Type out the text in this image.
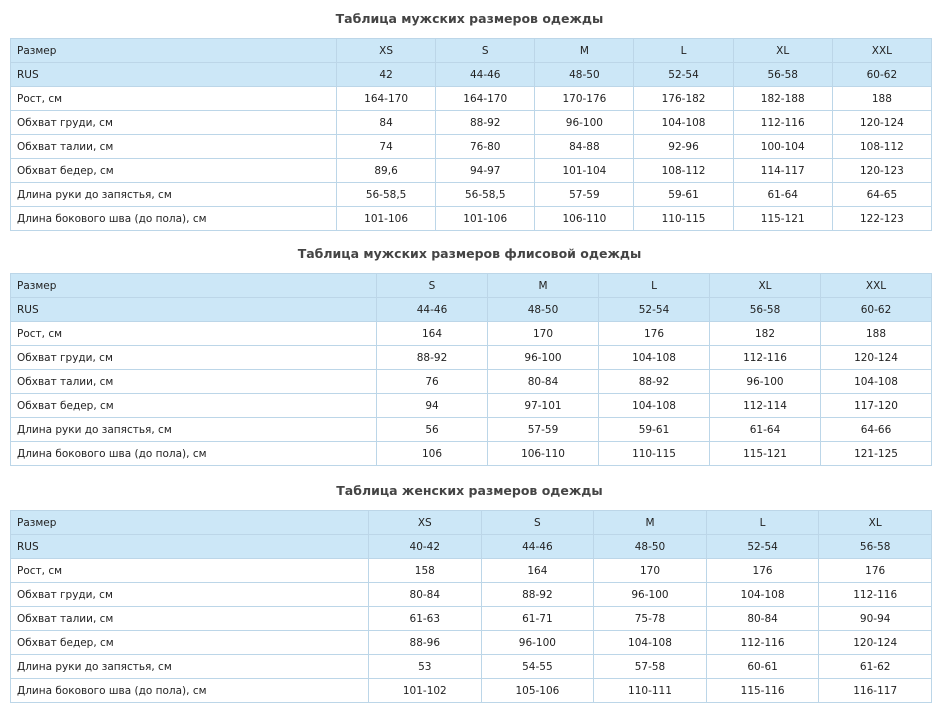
Таблица мужских размеров одежды
Размер	XS	S	M	L	XL	XXL
RUS	42	44-46	48-50	52-54	56-58	60-62
Рост, см	164-170	164-170	170-176	176-182	182-188	188
Обхват груди, см	84	88-92	96-100	104-108	112-116	120-124
Обхват талии, см	74	76-80	84-88	92-96	100-104	108-112
Обхват бедер, см	89,6	94-97	101-104	108-112	114-117	120-123
Длина руки до запястья, см	56-58,5	56-58,5	57-59	59-61	61-64	64-65
Длина бокового шва (до пола), см	101-106	101-106	106-110	110-115	115-121	122-123
Таблица мужских размеров флисовой одежды
Размер	S	M	L	XL	XXL
RUS	44-46	48-50	52-54	56-58	60-62
Рост, см	164	170	176	182	188
Обхват груди, см	88-92	96-100	104-108	112-116	120-124
Обхват талии, см	76	80-84	88-92	96-100	104-108
Обхват бедер, см	94	97-101	104-108	112-114	117-120
Длина руки до запястья, см	56	57-59	59-61	61-64	64-66
Длина бокового шва (до пола), см	106	106-110	110-115	115-121	121-125
Таблица женских размеров одежды
Размер	XS	S	M	L	XL
RUS	40-42	44-46	48-50	52-54	56-58
Рост, см	158	164	170	176	176
Обхват груди, см	80-84	88-92	96-100	104-108	112-116
Обхват талии, см	61-63	61-71	75-78	80-84	90-94
Обхват бедер, см	88-96	96-100	104-108	112-116	120-124
Длина руки до запястья, см	53	54-55	57-58	60-61	61-62
Длина бокового шва (до пола), см	101-102	105-106	110-111	115-116	116-117
